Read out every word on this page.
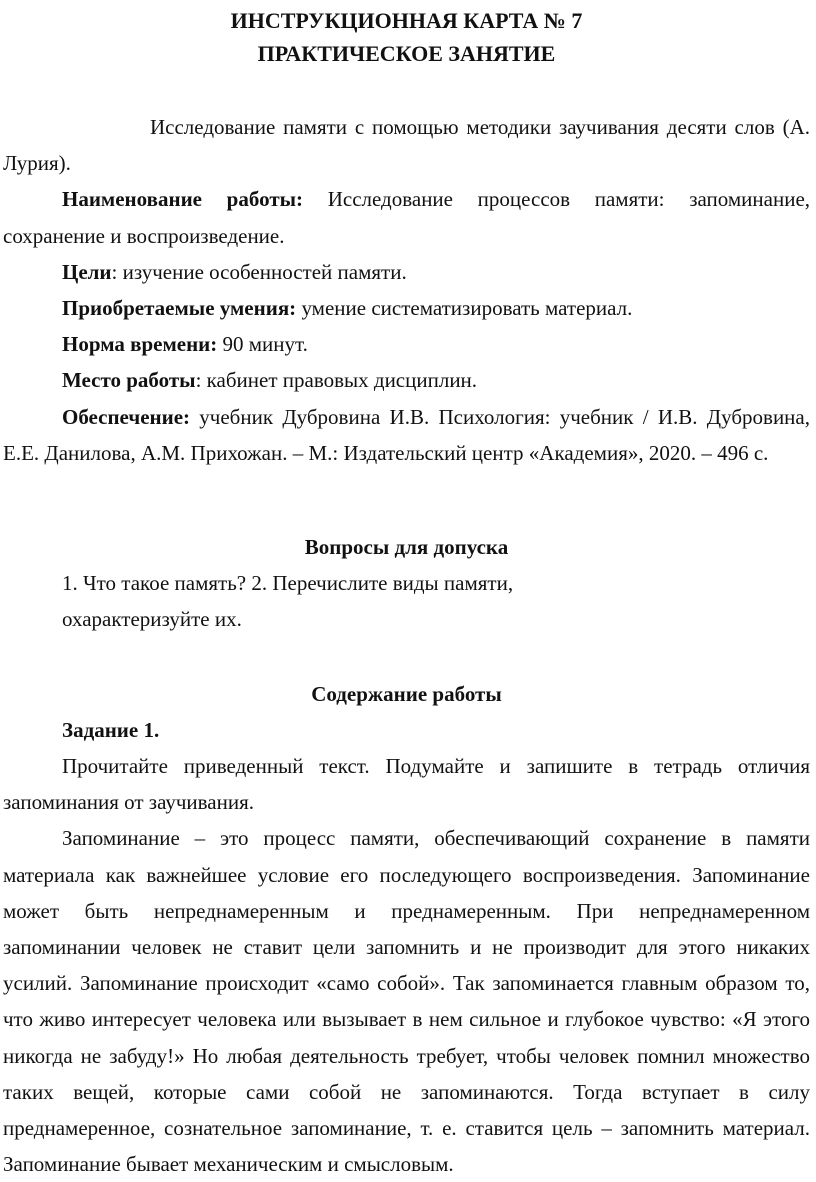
ИНСТРУКЦИОННАЯ КАРТА № 7

ПРАКТИЧЕСКОЕ ЗАНЯТИЕ

Исследование памяти с помощью методики заучивания десяти слов (А. Лурия).

Наименование работы: Исследование процессов памяти: запоминание, сохранение и воспроизведение.

Цели: изучение особенностей памяти.

Приобретаемые умения: умение систематизировать материал.

Норма времени: 90 минут.

Место работы: кабинет правовых дисциплин.

Обеспечение: учебник Дубровина И.В. Психология: учебник / И.В. Дубровина, Е.Е. Данилова, А.М. Прихожан. – М.: Издательский центр «Академия», 2020. – 496 с.

Вопросы для допуска

1. Что такое память? 2. Перечислите виды памяти,

охарактеризуйте их.

Содержание работы

Задание 1.

Прочитайте приведенный текст. Подумайте и запишите в тетрадь отличия запоминания от заучивания.

Запоминание – это процесс памяти, обеспечивающий сохранение в памяти материала как важнейшее условие его последующего воспроизведения. Запоминание может быть непреднамеренным и преднамеренным. При непреднамеренном запоминании человек не ставит цели запомнить и не производит для этого никаких усилий. Запоминание происходит «само собой». Так запоминается главным образом то, что живо интересует человека или вызывает в нем сильное и глубокое чувство: «Я этого никогда не забуду!» Но любая деятельность требует, чтобы человек помнил множество таких вещей, которые сами собой не запоминаются. Тогда вступает в силу преднамеренное, сознательное запоминание, т. е. ставится цель – запомнить материал. Запоминание бывает механическим и смысловым.
